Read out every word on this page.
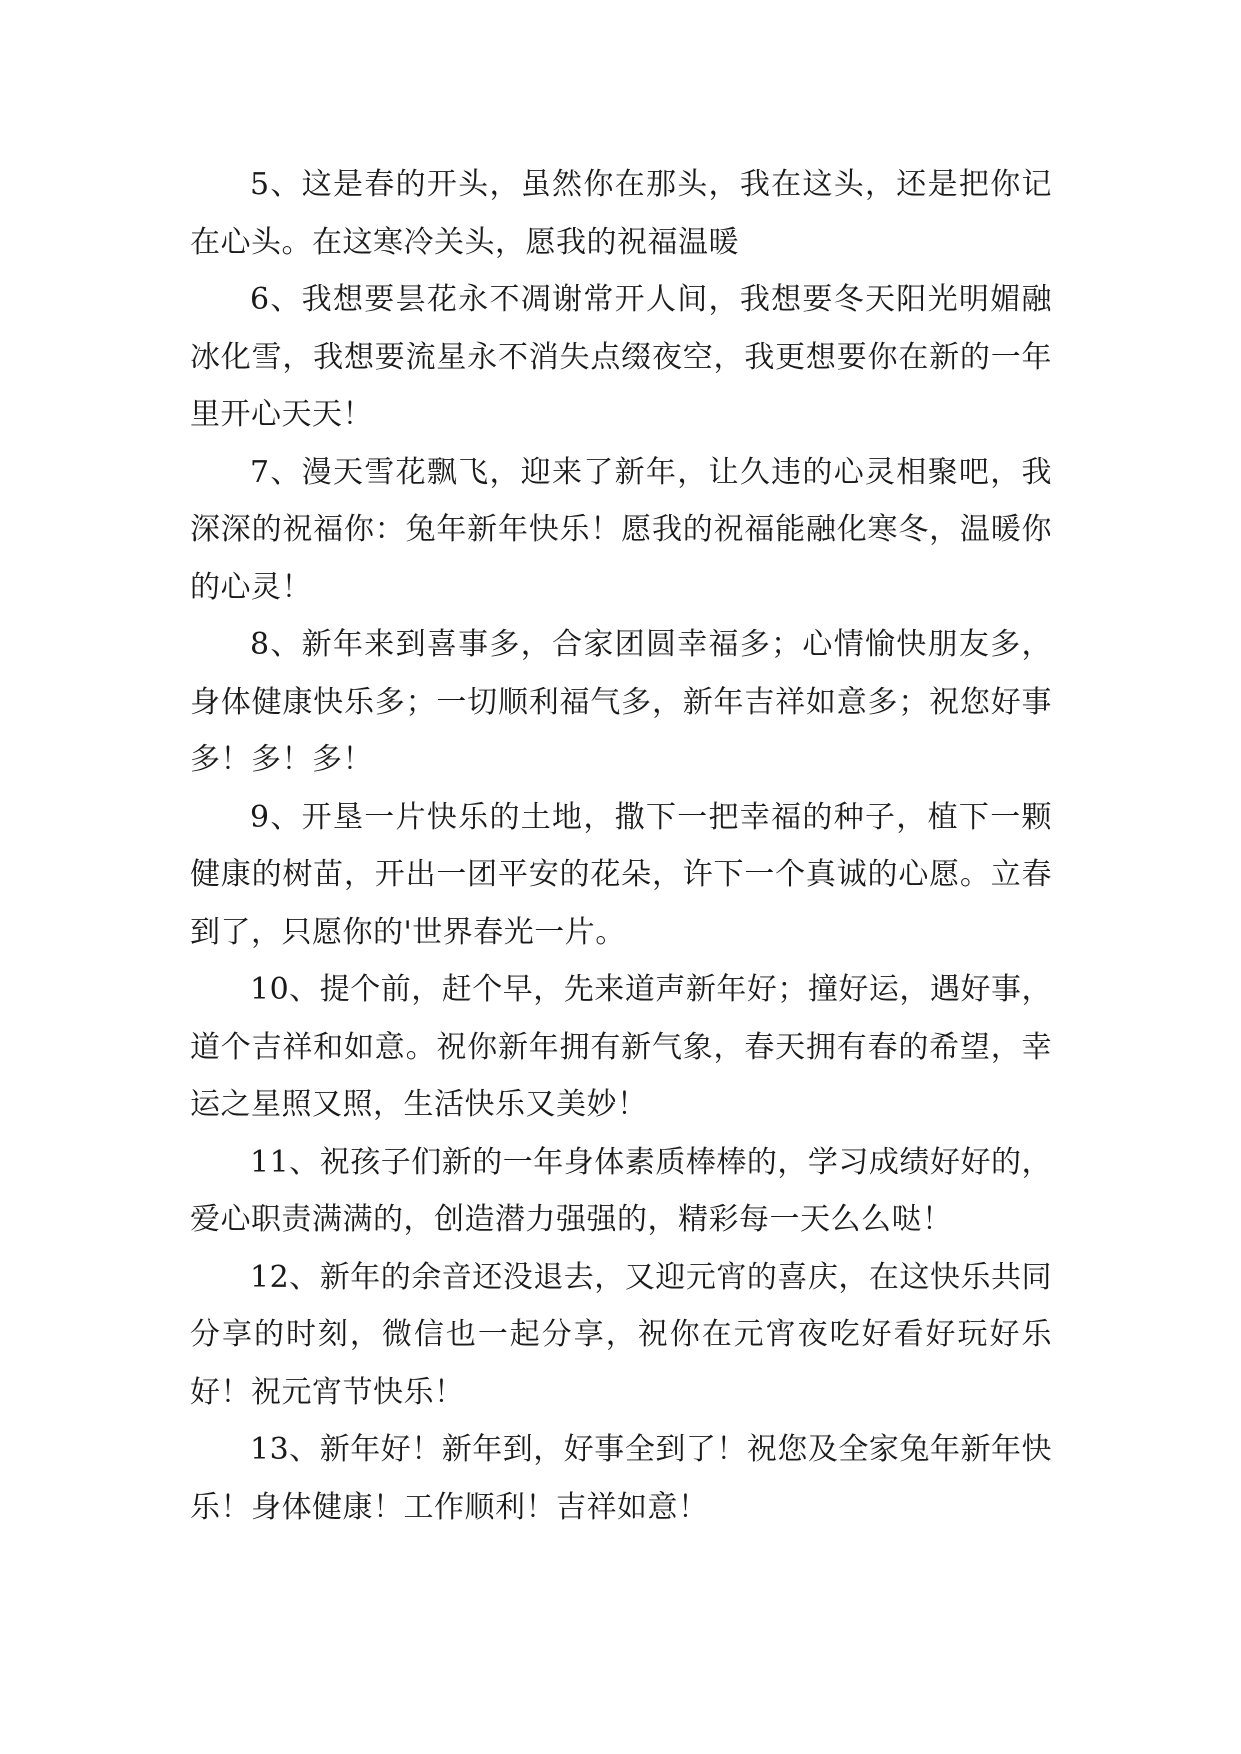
5、这是春的开头，虽然你在那头，我在这头，还是把你记在心头。在这寒冷关头，愿我的祝福温暖

6、我想要昙花永不凋谢常开人间，我想要冬天阳光明媚融冰化雪，我想要流星永不消失点缀夜空，我更想要你在新的一年里开心天天！

7、漫天雪花飘飞，迎来了新年，让久违的心灵相聚吧，我深深的祝福你：兔年新年快乐！愿我的祝福能融化寒冬，温暖你的心灵！

8、新年来到喜事多，合家团圆幸福多；心情愉快朋友多，身体健康快乐多；一切顺利福气多，新年吉祥如意多；祝您好事多！多！多！

9、开垦一片快乐的土地，撒下一把幸福的种子，植下一颗健康的树苗，开出一团平安的花朵，许下一个真诚的心愿。立春到了，只愿你的'世界春光一片。

10、提个前，赶个早，先来道声新年好；撞好运，遇好事，道个吉祥和如意。祝你新年拥有新气象，春天拥有春的希望，幸运之星照又照，生活快乐又美妙！

11、祝孩子们新的一年身体素质棒棒的，学习成绩好好的，爱心职责满满的，创造潜力强强的，精彩每一天么么哒！

12、新年的余音还没退去，又迎元宵的喜庆，在这快乐共同分享的时刻，微信也一起分享，祝你在元宵夜吃好看好玩好乐好！祝元宵节快乐！

13、新年好！新年到，好事全到了！祝您及全家兔年新年快乐！身体健康！工作顺利！吉祥如意！
